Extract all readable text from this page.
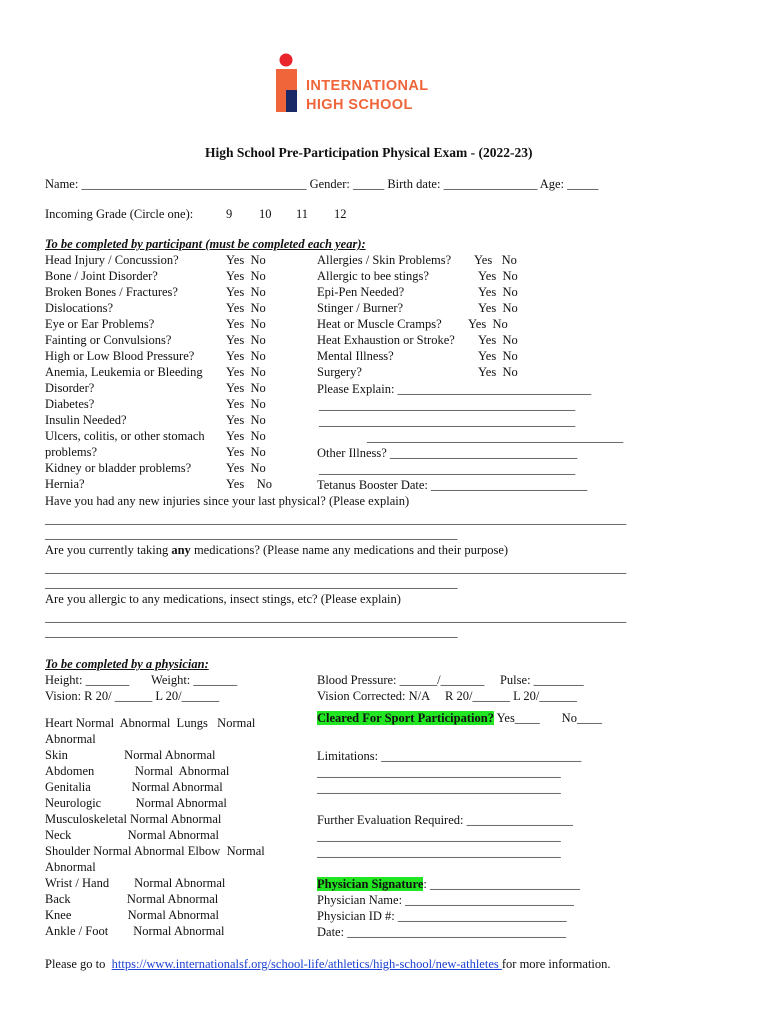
INTERNATIONAL
HIGH SCHOOL
High School Pre-Participation Physical Exam - (2022-23)
Name: ____________________________________ Gender: _____ Birth date: _______________ Age: _____
Incoming Grade (Circle one):	9 10 11 12
To be completed by participant (must be completed each year):
Head Injury / Concussion?	Yes  No
Bone / Joint Disorder?	Yes  No
Broken Bones / Fractures?	Yes  No
Dislocations?	Yes  No
Eye or Ear Problems?	Yes  No
Fainting or Convulsions?	Yes  No
High or Low Blood Pressure?	Yes  No
Anemia, Leukemia or Bleeding Yes  No
Disorder?	Yes  No
Diabetes?	Yes  No
Insulin Needed?	Yes  No
Ulcers, colitis, or other stomach Yes  No
problems?	Yes  No
Kidney or bladder problems?	Yes  No
Hernia?	Yes    No
Allergies / Skin Problems? Yes   No
Allergic to bee stings?	Yes  No
Epi-Pen Needed?	Yes  No
Stinger / Burner?	Yes  No
Heat or Muscle Cramps? Yes  No
Heat Exhaustion or Stroke? Yes  No
Mental Illness?	Yes  No
Surgery?	Yes  No
Please Explain: _______________________________
_________________________________________
_________________________________________
_________________________________________
Other Illness? ______________________________
_________________________________________
Tetanus Booster Date: _________________________
Have you had any new injuries since your last physical? (Please explain)
_____________________________________________________________________________________________
__________________________________________________________________
Are you currently taking any medications? (Please name any medications and their purpose)
_____________________________________________________________________________________________
__________________________________________________________________
Are you allergic to any medications, insect stings, etc? (Please explain)
_____________________________________________________________________________________________
__________________________________________________________________
To be completed by a physician:
Height: _______       Weight: _______
Vision: R 20/ ______ L 20/______
Blood Pressure: ______/_______     Pulse: ________
Vision Corrected: N/A     R 20/______ L 20/______
Cleared For Sport Participation? Yes____       No____
Heart Normal  Abnormal  Lungs   Normal
Abnormal
Skin                  Normal Abnormal
Abdomen             Normal  Abnormal
Genitalia             Normal Abnormal
Neurologic           Normal Abnormal
Musculoskeletal Normal Abnormal
Neck                  Normal Abnormal
Shoulder Normal Abnormal Elbow  Normal
Abnormal
Wrist / Hand        Normal Abnormal
Back                  Normal Abnormal
Knee                  Normal Abnormal
Ankle / Foot        Normal Abnormal
Limitations: ________________________________
_______________________________________
_______________________________________
Further Evaluation Required: _________________
_______________________________________
_______________________________________
Physician Signature: ________________________
Physician Name: ___________________________
Physician ID #: ___________________________
Date: ___________________________________
Please go to  https://www.internationalsf.org/school-life/athletics/high-school/new-athletes for more information.
